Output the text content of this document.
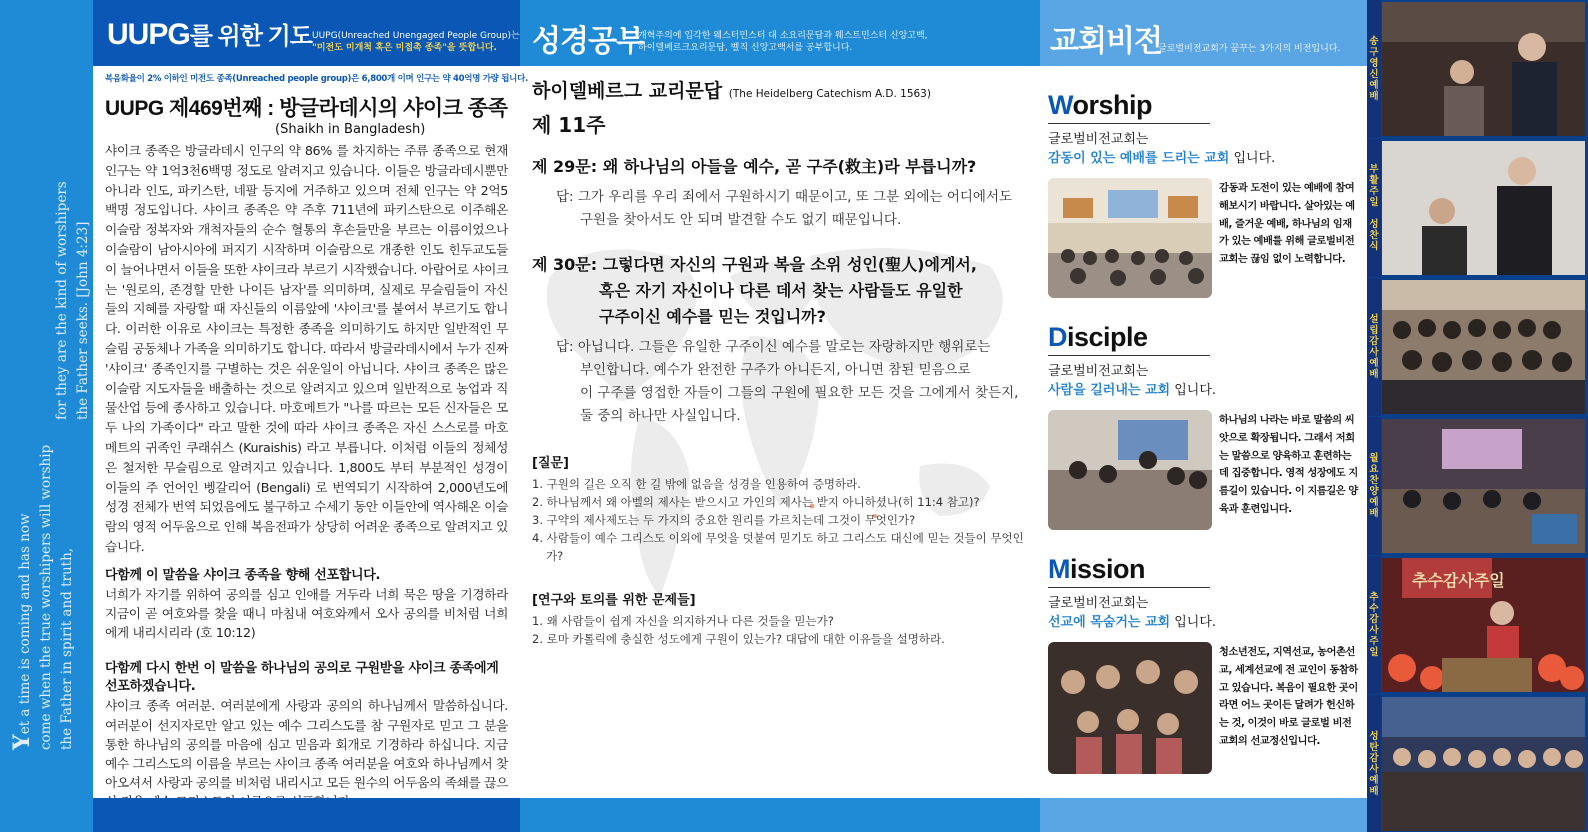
Yet a time is coming and has now come when the true worshipers will worship the Father in spirit and truth,
for they are the kind of worshipers the Father seeks. [John 4:23]
UUPG를 위한 기도 UUPG(Unreached Unengaged People Group)는
"미전도 미개척 혹은 미접촉 종족"을 뜻합니다.	성경공부
개혁주의에 입각한 웨스터민스터 대 소요리문답과 웨스트민스터 신앙고백,
하이델베르크요리문답, 벨직 신앙고백서를 공부합니다.	교회비전
글로벌비전교회가 꿈꾸는 3가지의 비전입니다.
복음화율이 2% 이하인 미전도 종족(Unreached people group)은 6,800개 이며 인구는 약 40억명 가량 됩니다.
UUPG 제469번째 : 방글라데시의 샤이크 종족
(Shaikh in Bangladesh)

샤이크 종족은 방글라데시 인구의 약 86% 를 차지하는 주류 종족으로 현재 인구는 약 1억3천6백명 정도로 알려지고 있습니다. 이들은 방글라데시뿐만 아니라 인도, 파키스탄, 네팔 등지에 거주하고 있으며 전체 인구는 약 2억5백명 정도입니다. 샤이크 종족은 약 주후 711년에 파키스탄으로 이주해온 이슬람 정복자와 개척자들의 순수 혈통의 후손들만을 부르는 이름이었으나 이슬람이 남아시아에 퍼지기 시작하며 이슬람으로 개종한 인도 힌두교도들이 늘어나면서 이들을 또한 샤이크라 부르기 시작했습니다. 아랍어로 샤이크는 '원로의, 존경할 만한 나이든 남자'를 의미하며, 실제로 무슬림들이 자신들의 지혜를 자랑할 때 자신들의 이름앞에 '샤이크'를 붙여서 부르기도 합니다. 이러한 이유로 샤이크는 특정한 종족을 의미하기도 하지만 일반적인 무슬림 공동체나 가족을 의미하기도 합니다. 따라서 방글라데시에서 누가 진짜 '샤이크' 종족인지를 구별하는 것은 쉬운일이 아닙니다. 샤이크 종족은 많은 이슬람 지도자들을 배출하는 것으로 알려지고 있으며 일반적으로 농업과 직물산업 등에 종사하고 있습니다. 마호메트가 "나를 따르는 모든 신자들은 모두 나의 가족이다" 라고 말한 것에 따라 샤이크 종족은 자신 스스로를 마호메트의 귀족인 쿠래쉬스 (Kuraishis) 라고 부릅니다. 이처럼 이들의 정체성은 철저한 무슬림으로 알려지고 있습니다. 1,800도 부터 부분적인 성경이 이들의 주 언어인 벵갈리어 (Bengali) 로 번역되기 시작하여 2,000년도에 성경 전체가 번역 되었음에도 불구하고 수세기 동안 이들안에 역사해온 이슬람의 영적 어두움으로 인해 복음전파가 상당히 어려운 종족으로 알려지고 있습니다.

다함께 이 말씀을 샤이크 종족을 향해 선포합니다.

너희가 자기를 위하여 공의를 심고 인애를 거두라 너희 묵은 땅을 기경하라 지금이 곧 여호와를 찾을 때니 마침내 여호와께서 오사 공의를 비처럼 너희에게 내리시리라 (호 10:12)

다함께 다시 한번 이 말씀을 하나님의 공의로 구원받을 샤이크 종족에게 선포하겠습니다.

샤이크 종족 여러분. 여러분에게 사랑과 공의의 하나님께서 말씀하십니다. 여러분이 선지자로만 알고 있는 예수 그리스도를 참 구원자로 믿고 그 분을 통한 하나님의 공의를 마음에 심고 믿음과 회개로 기경하라 하십니다. 지금 예수 그리스도의 이름을 부르는 샤이크 종족 여러분을 여호와 하나님께서 찾아오셔서 사랑과 공의를 비처럼 내리시고 모든 원수의 어두움의 족쇄를 끊으

하이델베르그 교리문답 (The Heidelberg Catechism A.D. 1563)
제 11주
제 29문: 왜 하나님의 아들을 예수, 곧 구주(救主)라 부릅니까?
답: 그가 우리를 우리 죄에서 구원하시기 때문이고, 또 그분 외에는 어디에서도
구원을 찾아서도 안 되며 발견할 수도 없기 때문입니다.
제 30문: 그렇다면 자신의 구원과 복을 소위 성인(聖人)에게서,
혹은 자기 자신이나 다른 데서 찾는 사람들도 유일한
구주이신 예수를 믿는 것입니까?
답: 아닙니다. 그들은 유일한 구주이신 예수를 말로는 자랑하지만 행위로는
부인합니다. 예수가 완전한 구주가 아니든지, 아니면 참된 믿음으로
이 구주를 영접한 자들이 그들의 구원에 필요한 모든 것을 그에게서 찾든지,
둘 중의 하나만 사실입니다.
[질문]
1. 구원의 길은 오직 한 길 밖에 없음을 성경을 인용하여 증명하라.
2. 하나님께서 왜 아벨의 제사는 받으시고 가인의 제사는 받지 아니하셨나(히 11:4 참고)?
3. 구약의 제사제도는 두 가지의 중요한 원리를 가르치는데 그것이 무엇인가?
4. 사람들이 예수 그리스도 이외에 무엇을 덧붙여 믿기도 하고 그리스도 대신에 믿는 것들이 무엇인가?
[연구와 토의를 위한 문제들]
1. 왜 사람들이 쉽게 자신을 의지하거나 다른 것들을 믿는가?
2. 로마 카톨릭에 충실한 성도에게 구원이 있는가? 대답에 대한 이유들을 설명하라.
Worship
글로벌비전교회는
감동이 있는 예배를 드리는 교회 입니다.
감동과 도전이 있는 예배에 참여해보시기 바랍니다. 살아있는 예배, 즐거운 예배, 하나님의 임재가 있는 예배를 위해 글로벌비전교회는 끊임 없이 노력합니다.
Disciple
글로벌비전교회는
사람을 길러내는 교회 입니다.
하나님의 나라는 바로 말씀의 씨앗으로 확장됩니다. 그래서 저희는 말씀으로 양육하고 훈련하는데 집중합니다. 영적 성장에도 지름길이 있습니다. 이 지름길은 양육과 훈련입니다.
Mission
글로벌비전교회는
선교에 목숨거는 교회 입니다.
청소년전도, 지역선교, 농어촌선교, 세계선교에 전 교인이 동참하고 있습니다. 복음이 필요한 곳이라면 어느 곳이든 달려가 헌신하는 것, 이것이 바로 글로벌 비전교회의 선교정신입니다.
송
구
영
신
예
배
부
활
주
일

성
찬
식
설
립
감
사
예
배
월
요
찬
양
예
배
추
수
감
사
주
일
추수감사주일
성
탄
감
사
예
배
